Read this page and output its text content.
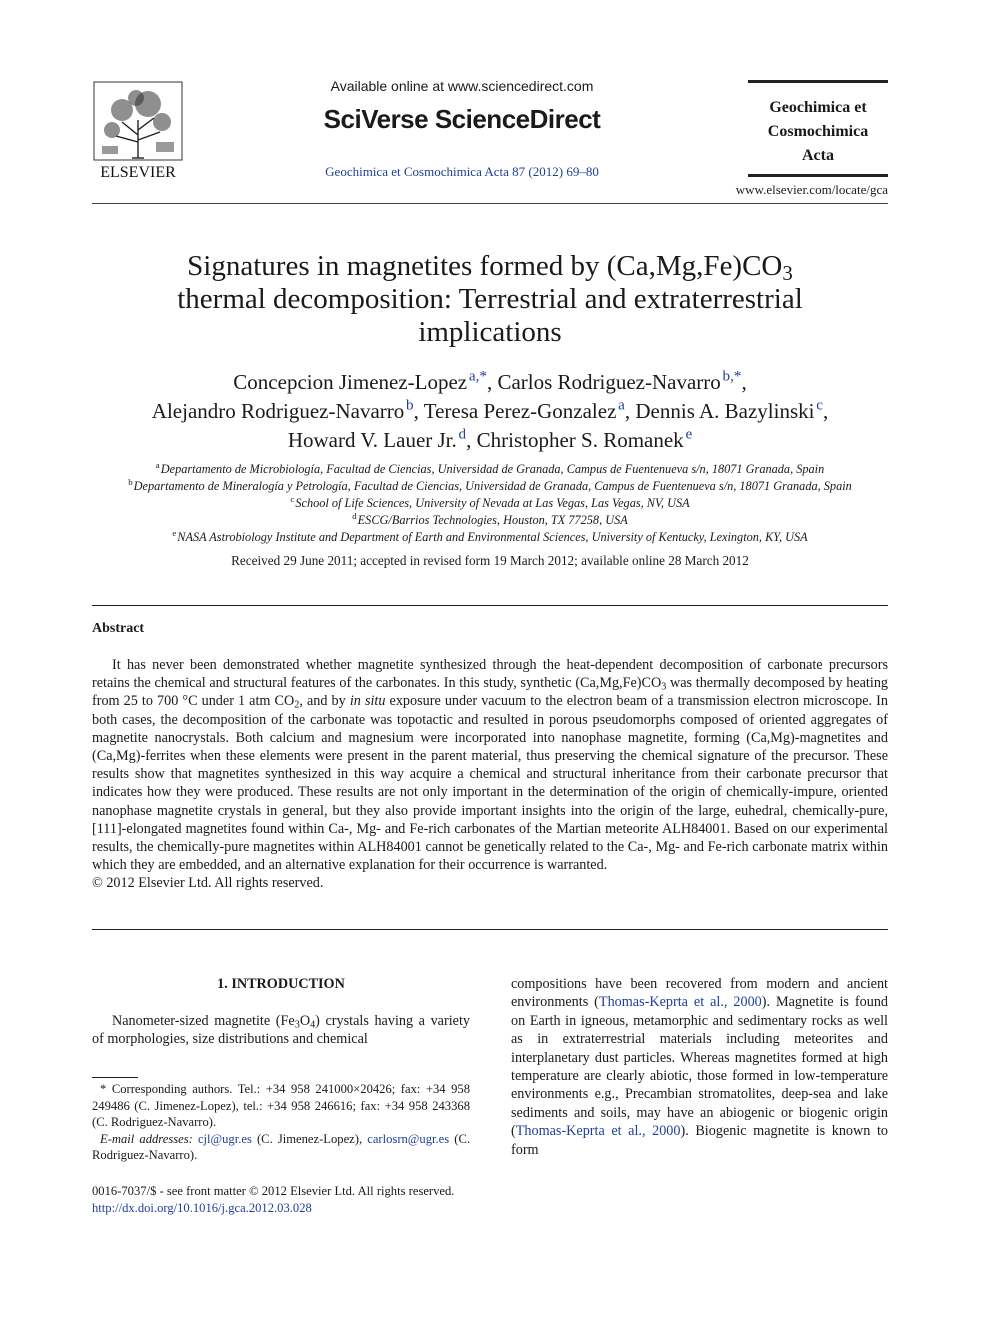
ELSEVIER
Available online at www.sciencedirect.com
SciVerse ScienceDirect
Geochimica et Cosmochimica Acta 87 (2012) 69–80
Geochimica et
Cosmochimica
Acta
www.elsevier.com/locate/gca
Signatures in magnetites formed by $(Ca,Mg,Fe)CO_3$
thermal decomposition: Terrestrial and extraterrestrial
implications
Concepcion Jimenez-Lopez  $^{a,*}$, Carlos Rodriguez-Navarro  $^{b,*}$,
Alejandro Rodriguez-Navarro  $^b$, Teresa Perez-Gonzalez  $^a$, Dennis A. Bazylinski  $^c$,
Howard V. Lauer Jr.  $^d$, Christopher S. Romanek  $^e$
$^a$ Departamento de Microbiología, Facultad de Ciencias, Universidad de Granada, Campus de Fuentenueva s/n, 18071 Granada, Spain
$^b$ Departamento de Mineralogía y Petrología, Facultad de Ciencias, Universidad de Granada, Campus de Fuentenueva s/n, 18071 Granada, Spain
$^c$ School of Life Sciences, University of Nevada at Las Vegas, Las Vegas, NV, USA
$^d$ ESCG/Barrios Technologies, Houston, TX 77258, USA
$^e$ NASA Astrobiology Institute and Department of Earth and Environmental Sciences, University of Kentucky, Lexington, KY, USA
Received 29 June 2011; accepted in revised form 19 March 2012; available online 28 March 2012
Abstract

It has never been demonstrated whether magnetite synthesized through the heat-dependent decomposition of carbonate precursors retains the chemical and structural features of the carbonates. In this study, synthetic $(Ca,Mg,Fe)CO_3$ was thermally decomposed by heating from 25 to 700 °C under 1 atm $CO_2$, and by in situ exposure under vacuum to the electron beam of a transmission electron microscope. In both cases, the decomposition of the carbonate was topotactic and resulted in porous pseudomorphs composed of oriented aggregates of magnetite nanocrystals. Both calcium and magnesium were incorporated into nanophase magnetite, forming (Ca,Mg)-magnetites and (Ca,Mg)-ferrites when these elements were present in the parent material, thus preserving the chemical signature of the precursor. These results show that magnetites synthesized in this way acquire a chemical and structural inheritance from their carbonate precursor that indicates how they were produced. These results are not only important in the determination of the origin of chemically-impure, oriented nanophase magnetite crystals in general, but they also provide important insights into the origin of the large, euhedral, chemically-pure, [111]-elongated magnetites found within Ca-, Mg- and Fe-rich carbonates of the Martian meteorite ALH84001. Based on our experimental results, the chemically-pure magnetites within ALH84001 cannot be genetically related to the Ca-, Mg- and Fe-rich carbonate matrix within which they are embedded, and an alternative explanation for their occurrence is warranted.

© 2012 Elsevier Ltd. All rights reserved.
1. INTRODUCTION

Nanometer-sized magnetite $(Fe_3O_4)$ crystals having a variety of morphologies, size distributions and chemical

* Corresponding authors. Tel.: +34 958 241000×20426; fax: +34 958 249486 (C. Jimenez-Lopez), tel.: +34 958 246616; fax: +34 958 243368 (C. Rodriguez-Navarro).

E-mail addresses: cjl@ugr.es (C. Jimenez-Lopez), carlosrn@ugr.es (C. Rodriguez-Navarro).

0016-7037/$ - see front matter © 2012 Elsevier Ltd. All rights reserved.
http://dx.doi.org/10.1016/j.gca.2012.03.028

compositions have been recovered from modern and ancient environments (Thomas-Keprta et al., 2000). Magnetite is found on Earth in igneous, metamorphic and sedimentary rocks as well as in extraterrestrial materials including meteorites and interplanetary dust particles. Whereas magnetites formed at high temperature are clearly abiotic, those formed in low-temperature environments e.g., Precambian stromatolites, deep-sea and lake sediments and soils, may have an abiogenic or biogenic origin (Thomas-Keprta et al., 2000). Biogenic magnetite is known to form
